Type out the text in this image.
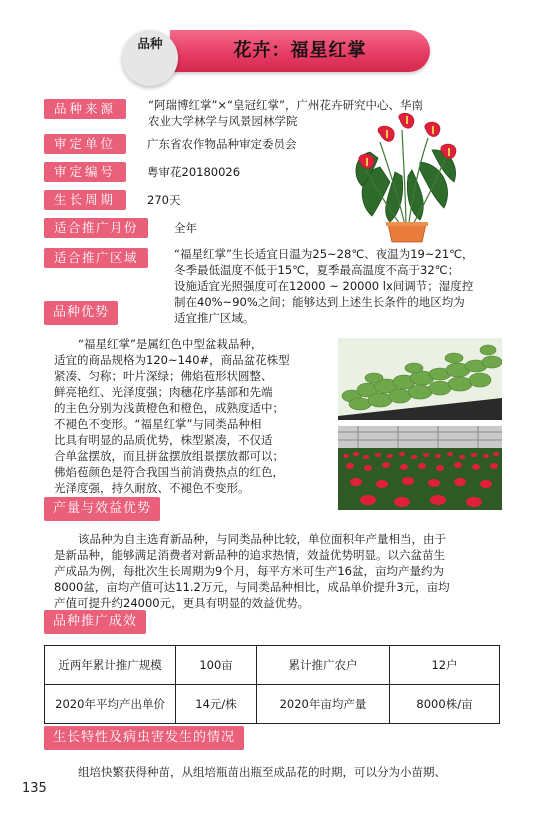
花卉：福星红掌
品种
品种来源	“阿瑞博红掌”×“皇冠红掌”，广州花卉研究中心、华南
农业大学林学与风景园林学院
审定单位	广东省农作物品种审定委员会
审定编号	粤审花20180026
生长周期	270天
适合推广月份	全年
适合推广区域	“福星红掌”生长适宜日温为25~28℃、夜温为19~21℃，
冬季最低温度不低于15℃，夏季最高温度不高于32℃；
设施适宜光照强度可在12000 ~ 20000 lx间调节；湿度控
制在40%~90%之间；能够达到上述生长条件的地区均为
适宜推广区域。
品种优势
“福星红掌”是属红色中型盆栽品种，
适宜的商品规格为120~140#，商品盆花株型
紧凑、匀称；叶片深绿；佛焰苞形状圆整、
鲜亮艳红、光泽度强；肉穗花序基部和先端
的主色分别为浅黄橙色和橙色，成熟度适中；
不褪色不变形。“福星红掌”与同类品种相
比具有明显的品质优势，株型紧凑，不仅适
合单盆摆放，而且拼盆摆放组景摆放都可以；
佛焰苞颜色是符合我国当前消费热点的红色，
光泽度强，持久耐放、不褪色不变形。
产量与效益优势
该品种为自主选育新品种，与同类品种比较，单位面积年产量相当，由于
是新品种，能够满足消费者对新品种的追求热情，效益优势明显。以六盆苗生
产成品为例，每批次生长周期为9个月，每平方米可生产16盆，亩均产量约为
8000盆，亩均产值可达11.2万元，与同类品种相比，成品单价提升3元，亩均
产值可提升约24000元，更具有明显的效益优势。
品种推广成效
近两年累计推广规模	100亩	累计推广农户	12户
2020年平均产出单价	14元/株	2020年亩均产量	8000株/亩
生长特性及病虫害发生的情况
组培快繁获得种苗，从组培瓶苗出瓶至成品花的时期，可以分为小苗期、
135
